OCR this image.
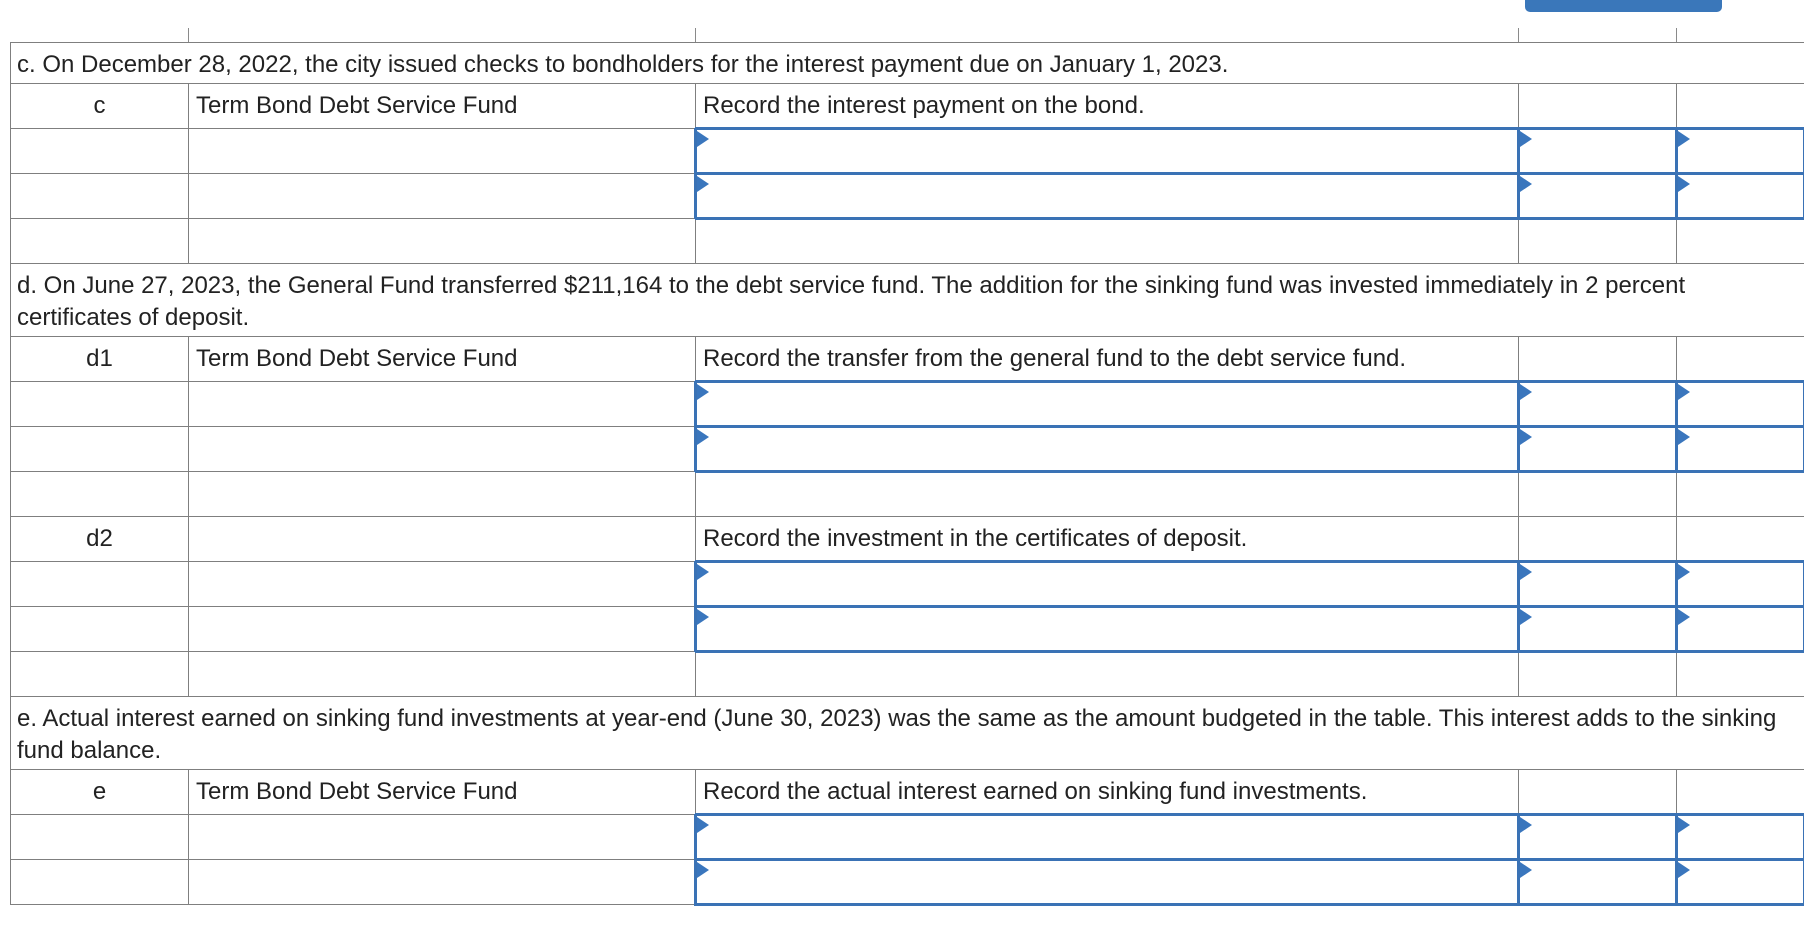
c. On December 28, 2022, the city issued checks to bondholders for the interest payment due on January 1, 2023.				
c	Term Bond Debt Service Fund	Record the interest payment on the bond.		

d. On June 27, 2023, the General Fund transferred $211,164 to the debt service fund. The addition for the sinking fund was invested immediately in 2 percent certificates of deposit.				
d1	Term Bond Debt Service Fund	Record the transfer from the general fund to the debt service fund.		

d2		Record the investment in the certificates of deposit.		

e. Actual interest earned on sinking fund investments at year-end (June 30, 2023) was the same as the amount budgeted in the table. This interest adds to the sinking fund balance.				
e	Term Bond Debt Service Fund	Record the actual interest earned on sinking fund investments.		
